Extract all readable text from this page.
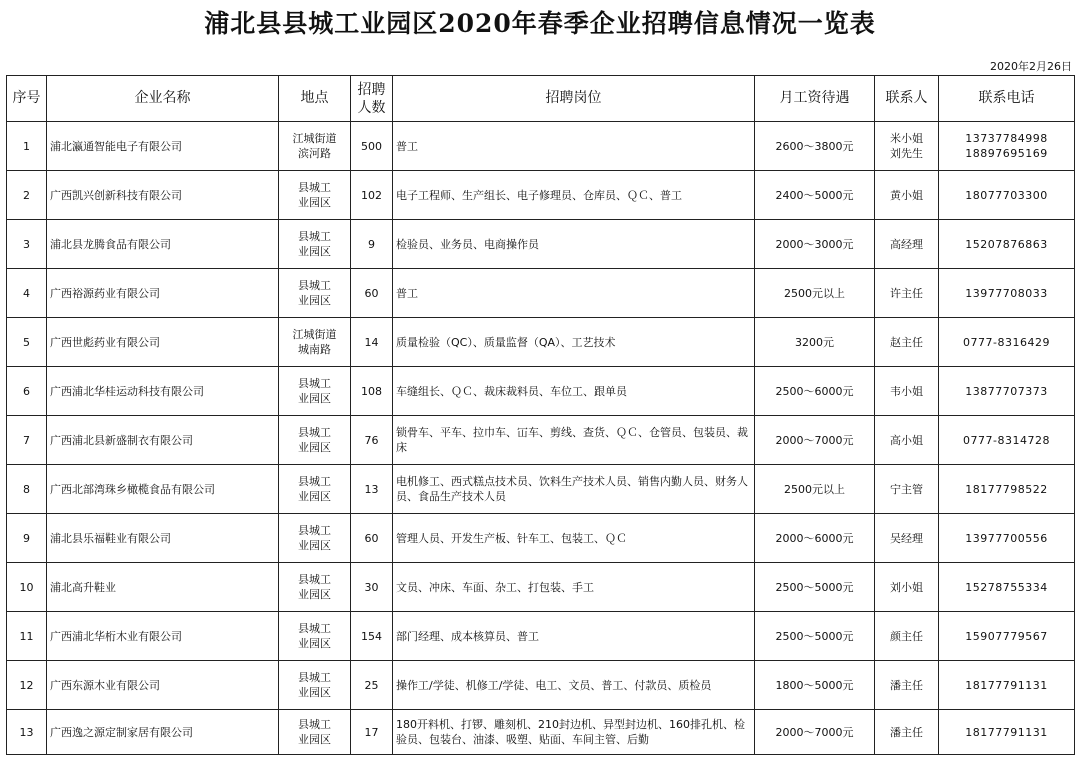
浦北县县城工业园区2020年春季企业招聘信息情况一览表
2020年2月26日
序号	企业名称	地点	招聘
人数	招聘岗位	月工资待遇	联系人	联系电话

1	浦北瀛通智能电子有限公司	江城街道
滨河路	500	普工	2600～3800元	米小姐
刘先生	13737784998
18897695169

2	广西凯兴创新科技有限公司	县城工
业园区	102	电子工程师、生产组长、电子修理员、仓库员、ＱＣ、普工	2400～5000元	黄小姐	18077703300

3	浦北县龙腾食品有限公司	县城工
业园区	9	检验员、业务员、电商操作员	2000～3000元	高经理	15207876863

4	广西裕源药业有限公司	县城工
业园区	60	普工	2500元以上	许主任	13977708033

5	广西世彪药业有限公司	江城街道
城南路	14	质量检验（QC）、质量监督（QA）、工艺技术	3200元	赵主任	0777-8316429

6	广西浦北华桂运动科技有限公司	县城工
业园区	108	车缝组长、ＱＣ、裁床裁料员、车位工、跟单员	2500～6000元	韦小姐	13877707373

7	广西浦北县新盛制衣有限公司	县城工
业园区	76	锁骨车、平车、拉巾车、冚车、剪线、查货、ＱＣ、仓管员、包装员、裁床	2000～7000元	高小姐	0777-8314728

8	广西北部湾珠乡橄榄食品有限公司	县城工
业园区	13	电机修工、西式糕点技术员、饮料生产技术人员、销售内勤人员、财务人员、食品生产技术人员	2500元以上	宁主管	18177798522

9	浦北县乐福鞋业有限公司	县城工
业园区	60	管理人员、开发生产板、针车工、包装工、ＱＣ	2000～6000元	吴经理	13977700556

10	浦北高升鞋业	县城工
业园区	30	文员、冲床、车面、杂工、打包装、手工	2500～5000元	刘小姐	15278755334

11	广西浦北华桁木业有限公司	县城工
业园区	154	部门经理、成本核算员、普工	2500～5000元	颜主任	15907779567

12	广西东源木业有限公司	县城工
业园区	25	操作工/学徒、机修工/学徒、电工、文员、普工、付款员、质检员	1800～5000元	潘主任	18177791131

13	广西逸之源定制家居有限公司	县城工
业园区	17	180开料机、打锣、雕刻机、210封边机、异型封边机、160排孔机、检验员、包装台、油漆、吸塑、贴面、车间主管、后勤	2000～7000元	潘主任	18177791131
